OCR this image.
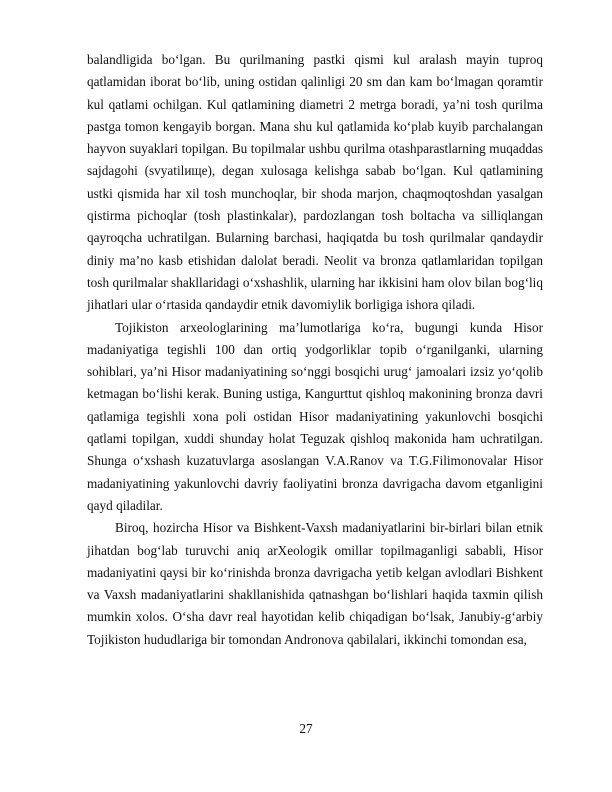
balandligida bo‘lgan. Bu qurilmaning pastki qismi kul aralash mayin tuproq qatlamidan iborat bo‘lib, uning ostidan qalinligi 20 sm dan kam bo‘lmagan qoramtir kul qatlami ochilgan. Kul qatlamining diametri 2 metrga boradi, ya’ni tosh qurilma pastga tomon kengayib borgan. Mana shu kul qatlamida ko‘plab kuyib parchalangan hayvon suyaklari topilgan. Bu topilmalar ushbu qurilma otashparastlarning muqaddas sajdagohi (svyatilище), degan xulosaga kelishga sabab bo‘lgan. Kul qatlamining ustki qismida har xil tosh munchoqlar, bir shoda marjon, chaqmoqtoshdan yasalgan qistirma pichoqlar (tosh plastinkalar), pardozlangan tosh boltacha va silliqlangan qayroqcha uchratilgan. Bularning barchasi, haqiqatda bu tosh qurilmalar qandaydir diniy ma’no kasb etishidan dalolat beradi. Neolit va bronza qatlamlaridan topilgan tosh qurilmalar shakllaridagi o‘xshashlik, ularning har ikkisini ham olov bilan bog‘liq jihatlari ular o‘rtasida qandaydir etnik davomiylik borligiga ishora qiladi.

Tojikiston arxeologlarining ma’lumotlariga ko‘ra, bugungi kunda Hisor madaniyatiga tegishli 100 dan ortiq yodgorliklar topib o‘rganilganki, ularning sohiblari, ya’ni Hisor madaniyatining so‘nggi bosqichi urug‘ jamoalari izsiz yo‘qolib ketmagan bo‘lishi kerak. Buning ustiga, Kangurttut qishloq makonining bronza davri qatlamiga tegishli xona poli ostidan Hisor madaniyatining yakunlovchi bosqichi qatlami topilgan, xuddi shunday holat Teguzak qishloq makonida ham uchratilgan. Shunga o‘xshash kuzatuvlarga asoslangan V.A.Ranov va T.G.Filimonovalar Hisor madaniyatining yakunlovchi davriy faoliyatini bronza davrigacha davom etganligini qayd qiladilar.

Biroq, hozircha Hisor va Bishkent-Vaxsh madaniyatlarini bir-birlari bilan etnik jihatdan bog‘lab turuvchi aniq arXeologik omillar topilmaganligi sababli, Hisor madaniyatini qaysi bir ko‘rinishda bronza davrigacha yetib kelgan avlodlari Bishkent va Vaxsh madaniyatlarini shakllanishida qatnashgan bo‘lishlari haqida taxmin qilish mumkin xolos. O‘sha davr real hayotidan kelib chiqadigan bo‘lsak, Janubiy-g‘arbiy Tojikiston hududlariga bir tomondan Andronova qabilalari, ikkinchi tomondan esa,

27
